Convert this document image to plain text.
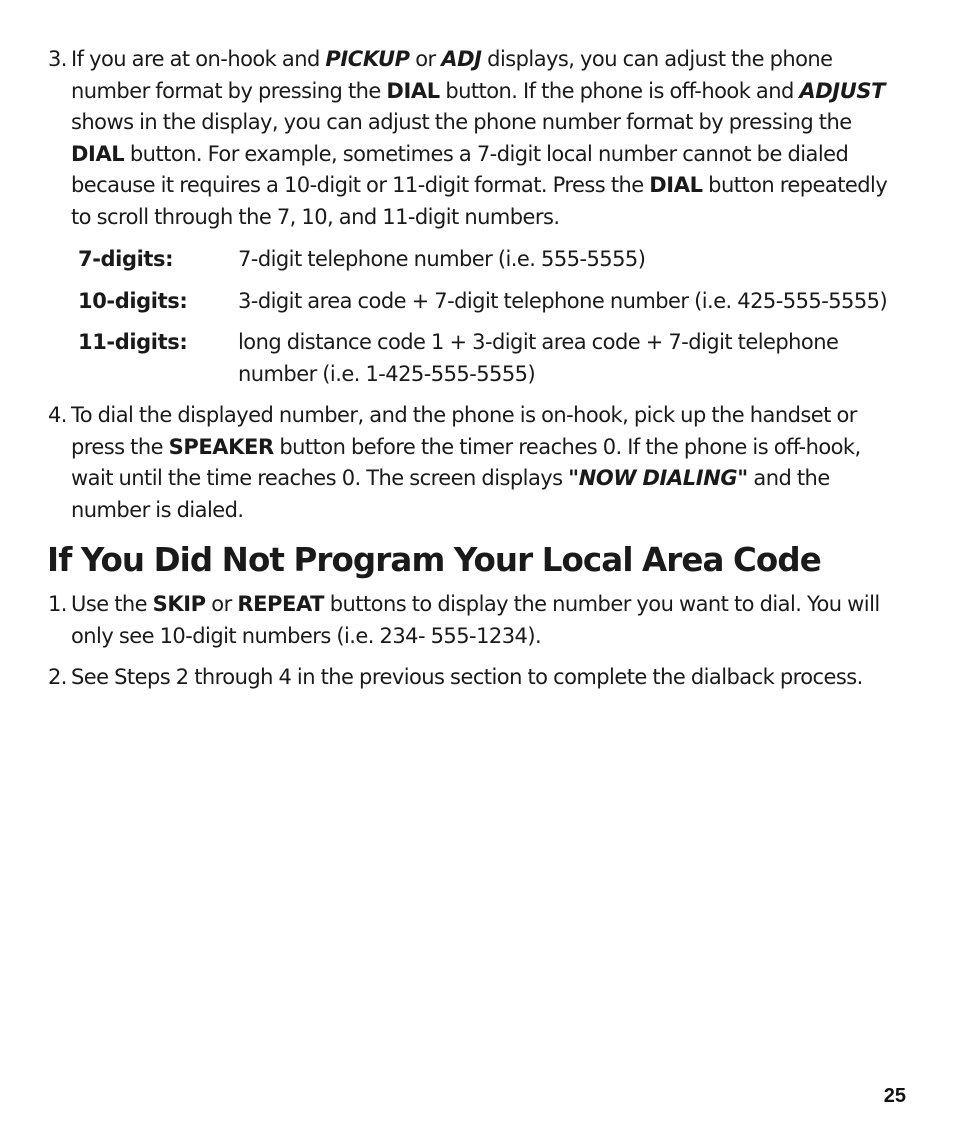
3. If you are at on-hook and PICKUP or ADJ displays, you can adjust the phone number format by pressing the DIAL button. If the phone is off-hook and ADJUST shows in the display, you can adjust the phone number format by pressing the DIAL button. For example, sometimes a 7-digit local number cannot be dialed because it requires a 10-digit or 11-digit format. Press the DIAL button repeatedly to scroll through the 7, 10, and 11-digit numbers.
7-digits:	7-digit telephone number (i.e. 555-5555)
10-digits: 3-digit area code + 7-digit telephone number (i.e. 425-555-5555)
11-digits: long distance code 1 + 3-digit area code + 7-digit telephone number (i.e. 1-425-555-5555)
4. To dial the displayed number, and the phone is on-hook, pick up the handset or press the SPEAKER button before the timer reaches 0. If the phone is off-hook, wait until the time reaches 0. The screen displays "NOW DIALING" and the number is dialed.
If You Did Not Program Your Local Area Code
1. Use the SKIP or REPEAT buttons to display the number you want to dial. You will only see 10-digit numbers (i.e. 234- 555-1234).
2. See Steps 2 through 4 in the previous section to complete the dialback process.
25
